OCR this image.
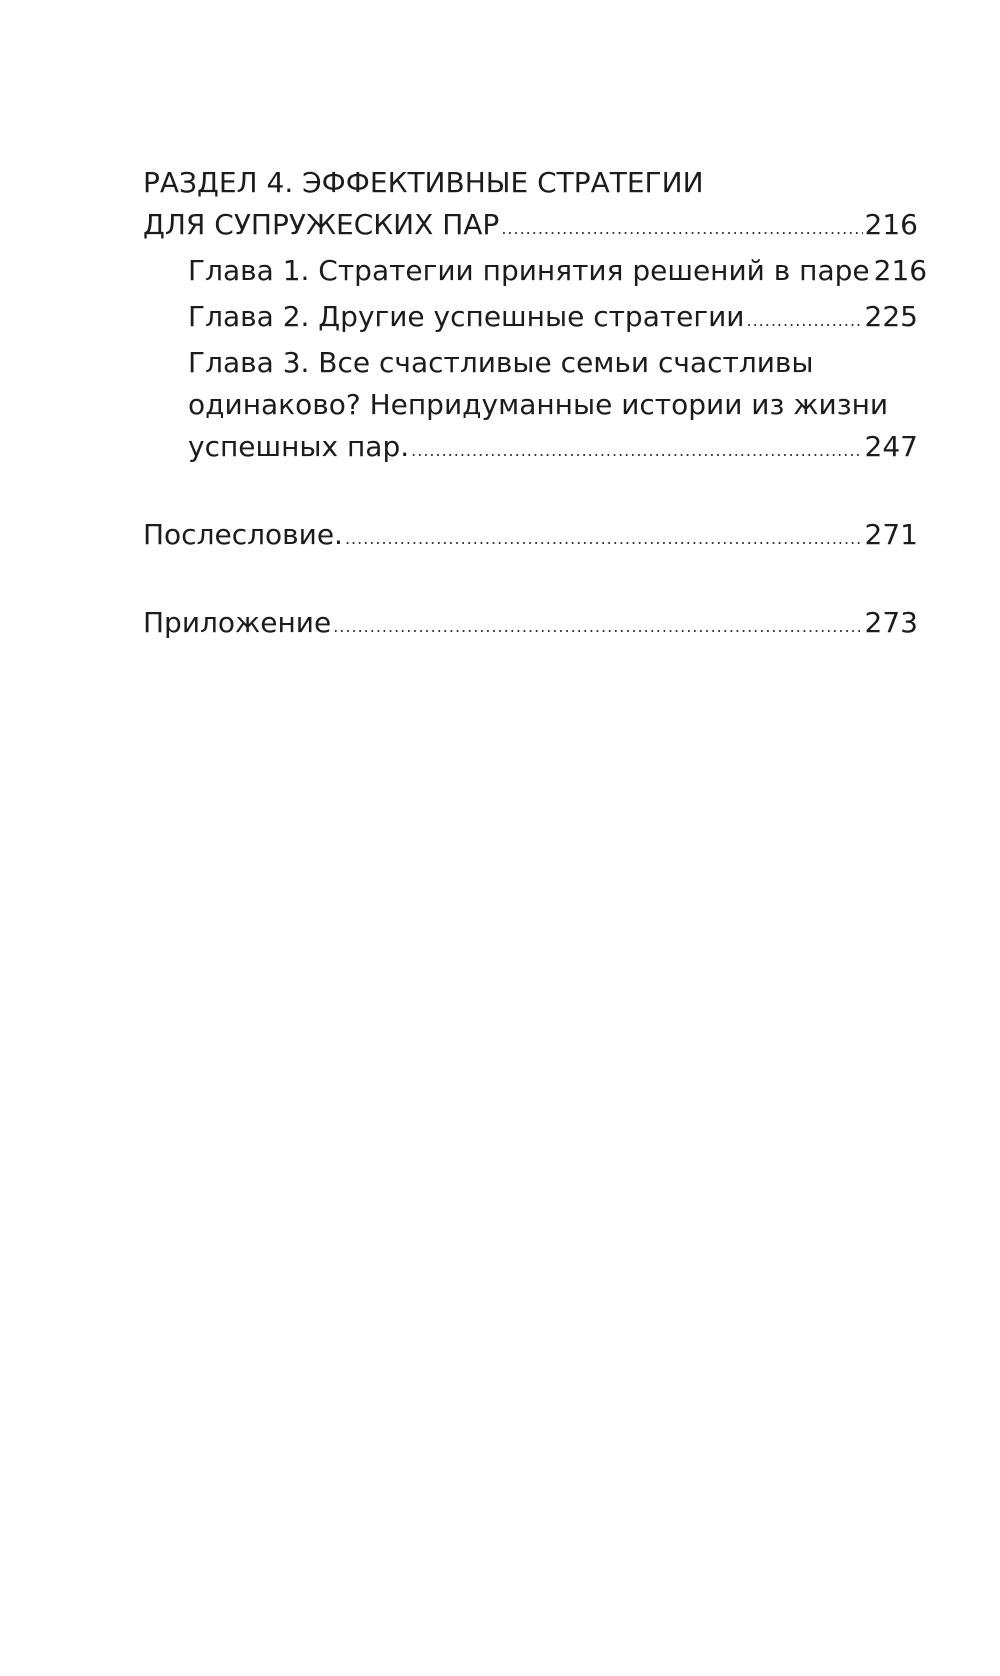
РАЗДЕЛ 4. ЭФФЕКТИВНЫЕ СТРАТЕГИИ
ДЛЯ СУПРУЖЕСКИХ ПАР .....	216
Глава 1. Стратегии принятия решений в паре 216
Глава 2. Другие успешные стратегии .....	225
Глава 3. Все счастливые семьи счастливы
одинаково? Непридуманные истории из жизни
успешных пар. .....	247
Послесловие. .....	271
Приложение .....	273
